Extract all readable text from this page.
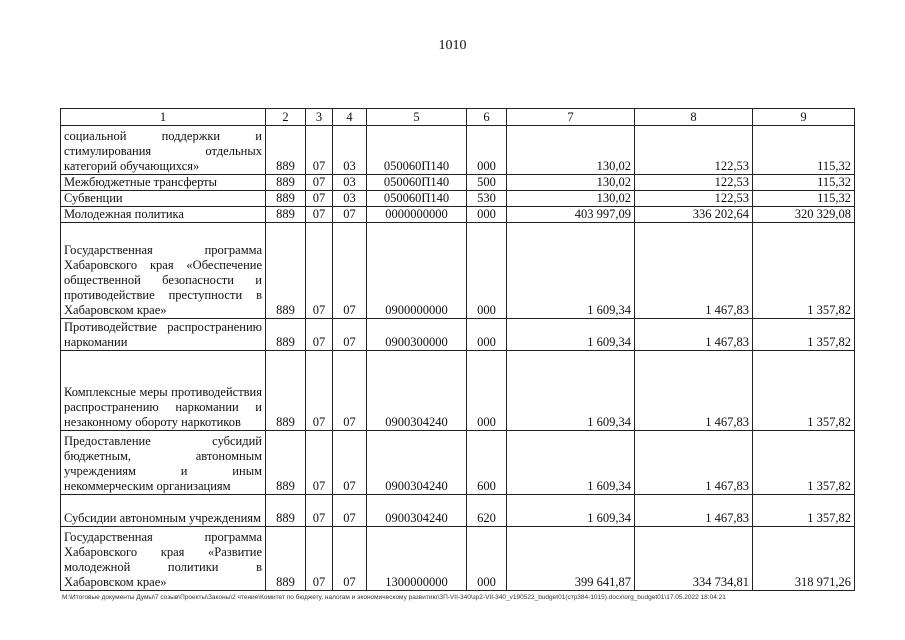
1010
1	2	3	4	5	6	7	8	9

социальной поддержки и стимулирования отдельных категорий обучающихся»	889	07	03	050060П140	000	130,02	122,53	115,32

Межбюджетные трансферты	889	07	03	050060П140	500	130,02	122,53	115,32

Субвенции	889	07	03	050060П140	530	130,02	122,53	115,32

Молодежная политика	889	07	07	0000000000	000	403 997,09	336 202,64	320 329,08

Государственная программа Хабаровского края «Обеспечение общественной безопасности и противодействие преступности в Хабаровском крае»	889	07	07	0900000000	000	1 609,34	1 467,83	1 357,82

Противодействие распространению наркомании	889	07	07	0900300000	000	1 609,34	1 467,83	1 357,82

Комплексные меры противодействия распространению наркомании и незаконному обороту наркотиков	889	07	07	0900304240	000	1 609,34	1 467,83	1 357,82

Предоставление субсидий бюджетным, автономным учреждениям и иным некоммерческим организациям	889	07	07	0900304240	600	1 609,34	1 467,83	1 357,82

Субсидии автономным учреждениям	889	07	07	0900304240	620	1 609,34	1 467,83	1 357,82

Государственная программа Хабаровского края «Развитие молодежной политики в Хабаровском крае»	889	07	07	1300000000	000	399 641,87	334 734,81	318 971,26
M:\Итоговые документы Думы\7 созыв\Проекты\Законы\2 чтение\Комитет по бюджету, налогам и экономическому развитию\ЗП-VII-340\зр2-VII-340_v190522_budget01(стр384-1015).docx\org_budget01\17.05.2022 18:04:21
